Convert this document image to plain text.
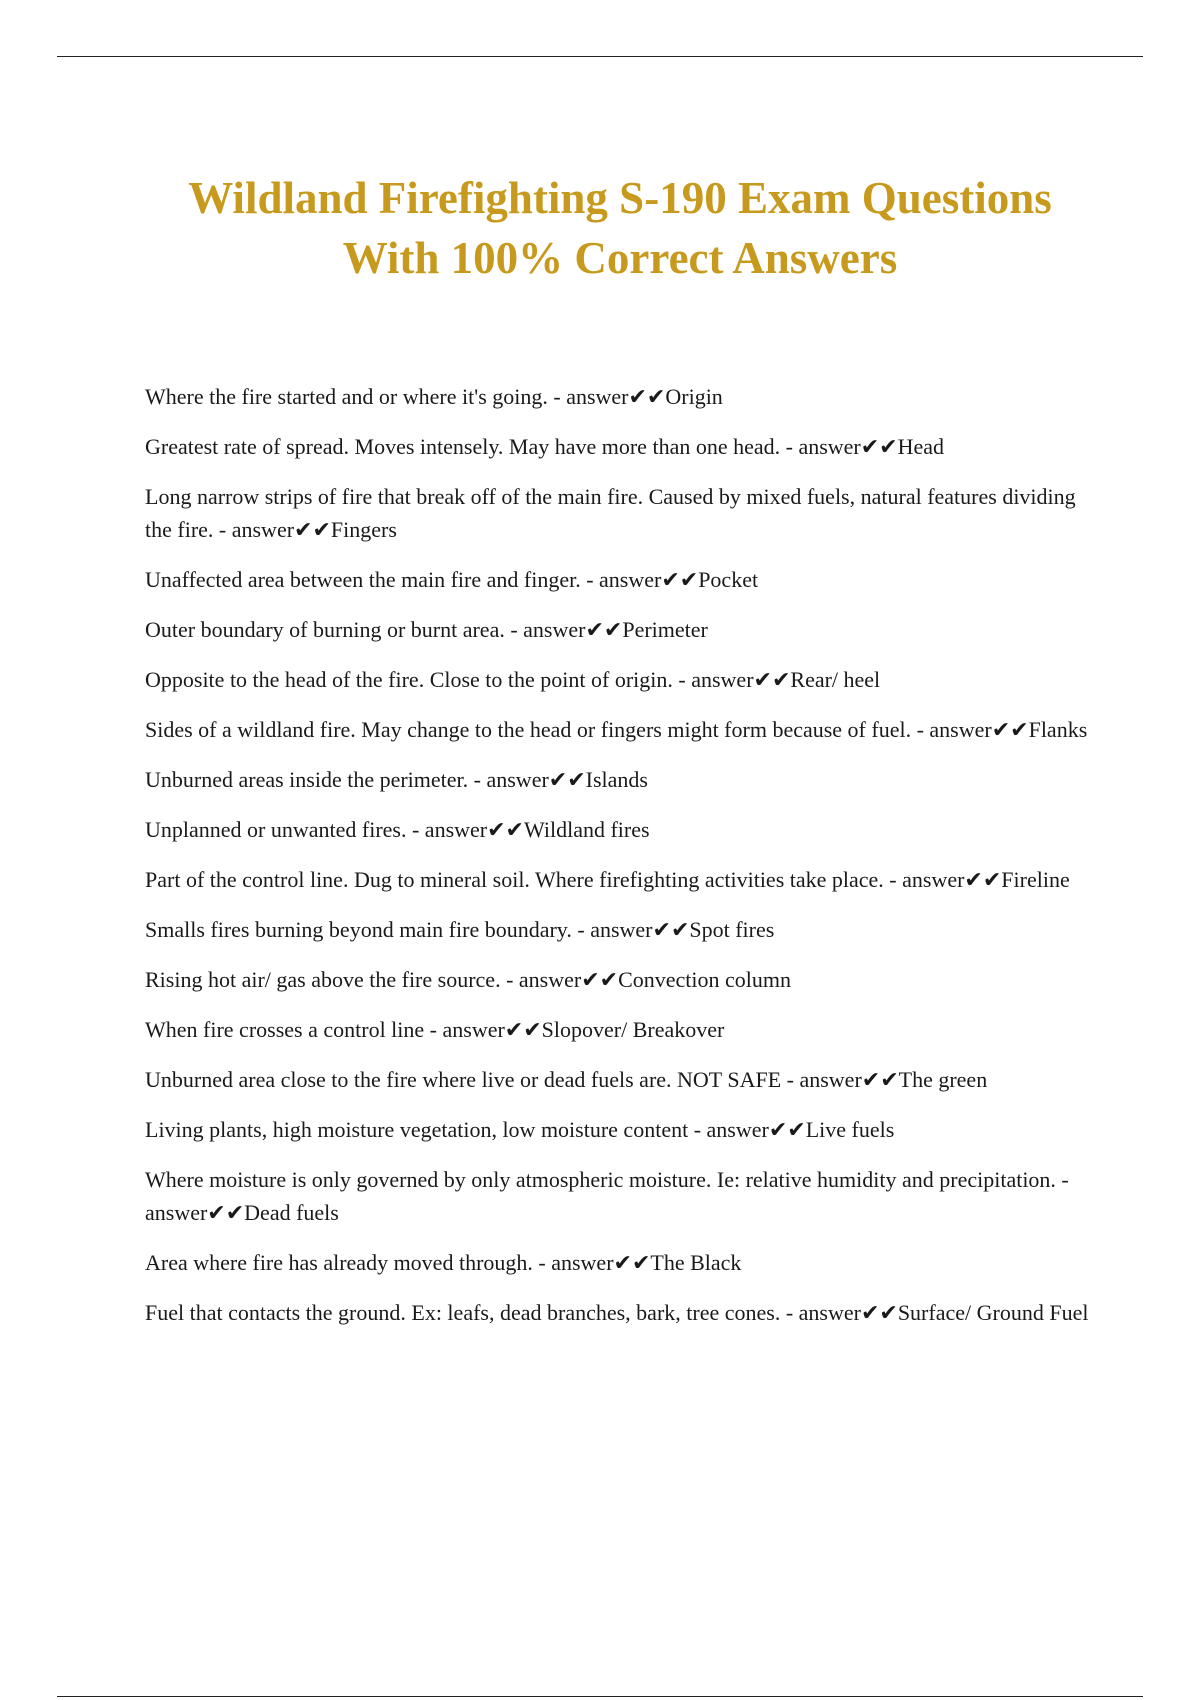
Wildland Firefighting S-190 Exam Questions
With 100% Correct Answers
Where the fire started and or where it's going. - answer✔✔Origin
Greatest rate of spread. Moves intensely. May have more than one head. - answer✔✔Head
Long narrow strips of fire that break off of the main fire. Caused by mixed fuels, natural features dividing the fire. - answer✔✔Fingers
Unaffected area between the main fire and finger. - answer✔✔Pocket
Outer boundary of burning or burnt area. - answer✔✔Perimeter
Opposite to the head of the fire. Close to the point of origin. - answer✔✔Rear/ heel
Sides of a wildland fire. May change to the head or fingers might form because of fuel. - answer✔✔Flanks
Unburned areas inside the perimeter. - answer✔✔Islands
Unplanned or unwanted fires. - answer✔✔Wildland fires
Part of the control line. Dug to mineral soil. Where firefighting activities take place. - answer✔✔Fireline
Smalls fires burning beyond main fire boundary. - answer✔✔Spot fires
Rising hot air/ gas above the fire source. - answer✔✔Convection column
When fire crosses a control line - answer✔✔Slopover/ Breakover
Unburned area close to the fire where live or dead fuels are. NOT SAFE - answer✔✔The green
Living plants, high moisture vegetation, low moisture content - answer✔✔Live fuels
Where moisture is only governed by only atmospheric moisture. Ie: relative humidity and precipitation. - answer✔✔Dead fuels
Area where fire has already moved through. - answer✔✔The Black
Fuel that contacts the ground. Ex: leafs, dead branches, bark, tree cones. - answer✔✔Surface/ Ground Fuel
